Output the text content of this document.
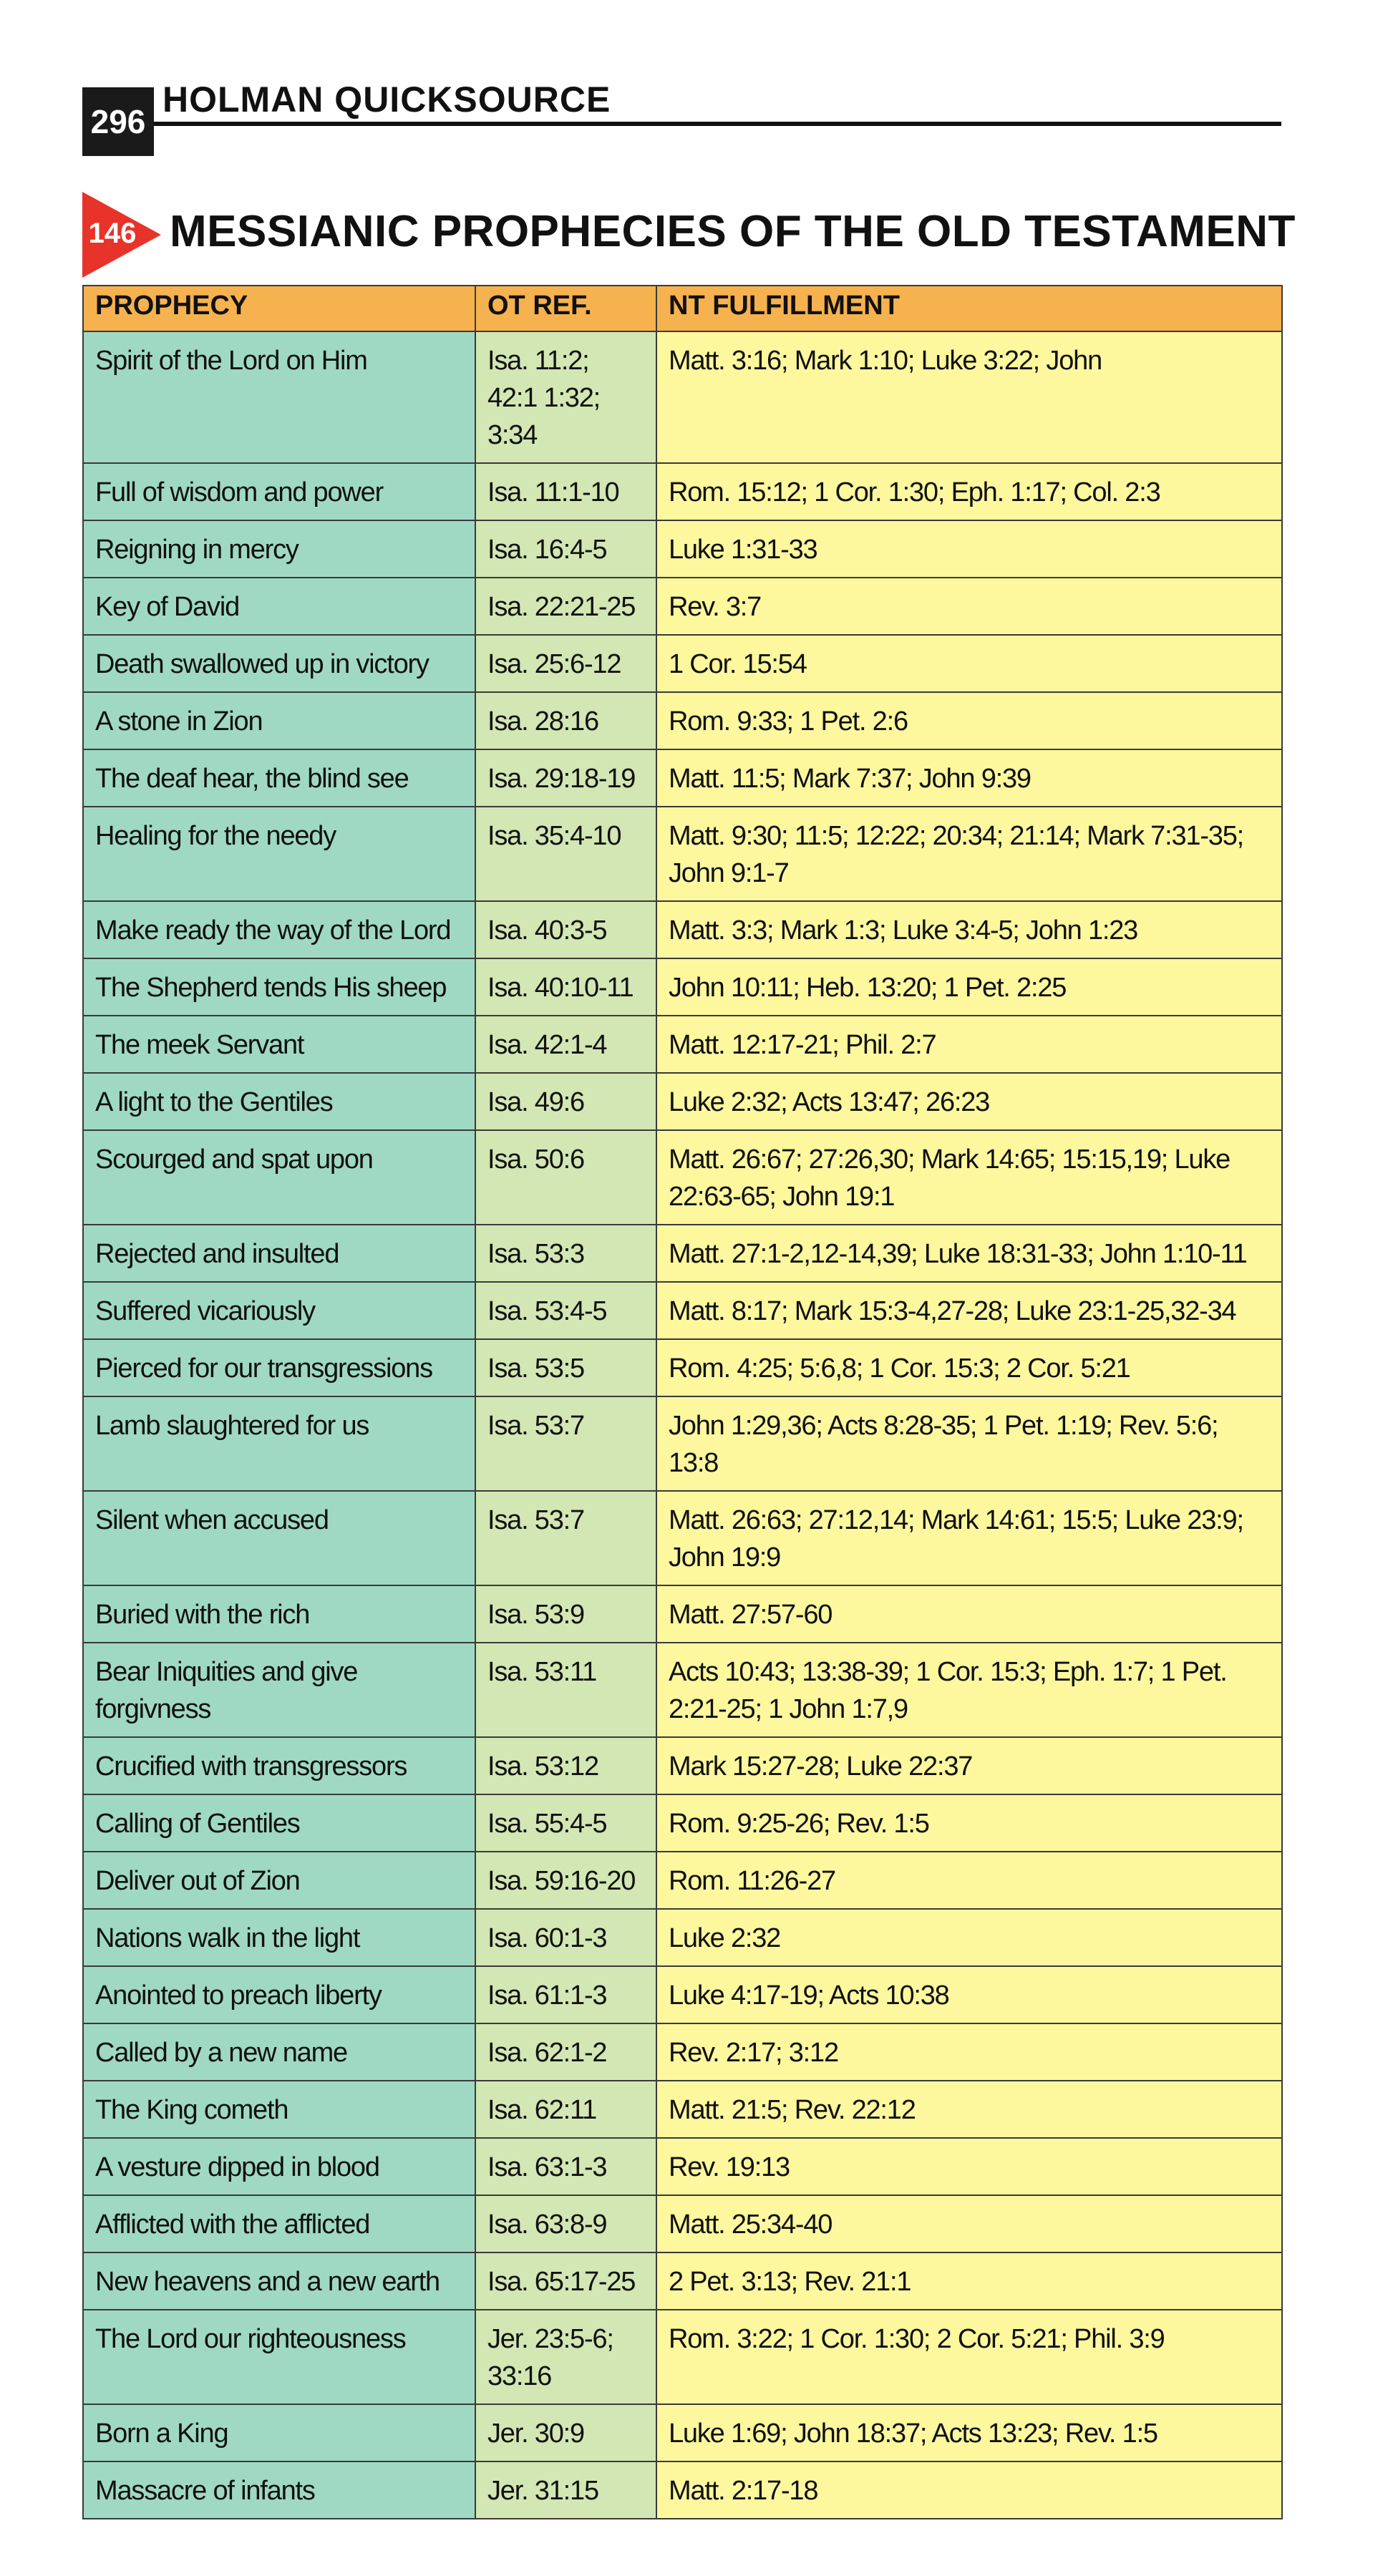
296
HOLMAN QUICKSOURCE
146 MESSIANIC PROPHECIES OF THE OLD TESTAMENT
PROPHECY	OT REF.	NT FULFILLMENT
Spirit of the Lord on Him	Isa. 11:2; 42:1 1:32; 3:34	Matt. 3:16; Mark 1:10; Luke 3:22; John
Full of wisdom and power	Isa. 11:1-10	Rom. 15:12; 1 Cor. 1:30; Eph. 1:17; Col. 2:3
Reigning in mercy	Isa. 16:4-5	Luke 1:31-33
Key of David	Isa. 22:21-25	Rev. 3:7
Death swallowed up in victory	Isa. 25:6-12	1 Cor. 15:54
A stone in Zion	Isa. 28:16	Rom. 9:33; 1 Pet. 2:6
The deaf hear, the blind see	Isa. 29:18-19	Matt. 11:5; Mark 7:37; John 9:39
Healing for the needy	Isa. 35:4-10	Matt. 9:30; 11:5; 12:22; 20:34; 21:14; Mark 7:31-35; John 9:1-7
Make ready the way of the Lord	Isa. 40:3-5	Matt. 3:3; Mark 1:3; Luke 3:4-5; John 1:23
The Shepherd tends His sheep	Isa. 40:10-11	John 10:11; Heb. 13:20; 1 Pet. 2:25
The meek Servant	Isa. 42:1-4	Matt. 12:17-21; Phil. 2:7
A light to the Gentiles	Isa. 49:6	Luke 2:32; Acts 13:47; 26:23
Scourged and spat upon	Isa. 50:6	Matt. 26:67; 27:26,30; Mark 14:65; 15:15,19; Luke 22:63-65; John 19:1
Rejected and insulted	Isa. 53:3	Matt. 27:1-2,12-14,39; Luke 18:31-33; John 1:10-11
Suffered vicariously	Isa. 53:4-5	Matt. 8:17; Mark 15:3-4,27-28; Luke 23:1-25,32-34
Pierced for our transgressions	Isa. 53:5	Rom. 4:25; 5:6,8; 1 Cor. 15:3; 2 Cor. 5:21
Lamb slaughtered for us	Isa. 53:7	John 1:29,36; Acts 8:28-35; 1 Pet. 1:19; Rev. 5:6; 13:8
Silent when accused	Isa. 53:7	Matt. 26:63; 27:12,14; Mark 14:61; 15:5; Luke 23:9; John 19:9
Buried with the rich	Isa. 53:9	Matt. 27:57-60
Bear Iniquities and give forgivness	Isa. 53:11	Acts 10:43; 13:38-39; 1 Cor. 15:3; Eph. 1:7; 1 Pet. 2:21-25; 1 John 1:7,9
Crucified with transgressors	Isa. 53:12	Mark 15:27-28; Luke 22:37
Calling of Gentiles	Isa. 55:4-5	Rom. 9:25-26; Rev. 1:5
Deliver out of Zion	Isa. 59:16-20	Rom. 11:26-27
Nations walk in the light	Isa. 60:1-3	Luke 2:32
Anointed to preach liberty	Isa. 61:1-3	Luke 4:17-19; Acts 10:38
Called by a new name	Isa. 62:1-2	Rev. 2:17; 3:12
The King cometh	Isa. 62:11	Matt. 21:5; Rev. 22:12
A vesture dipped in blood	Isa. 63:1-3	Rev. 19:13
Afflicted with the afflicted	Isa. 63:8-9	Matt. 25:34-40
New heavens and a new earth	Isa. 65:17-25	2 Pet. 3:13; Rev. 21:1
The Lord our righteousness	Jer. 23:5-6; 33:16	Rom. 3:22; 1 Cor. 1:30; 2 Cor. 5:21; Phil. 3:9
Born a King	Jer. 30:9	Luke 1:69; John 18:37; Acts 13:23; Rev. 1:5
Massacre of infants	Jer. 31:15	Matt. 2:17-18
